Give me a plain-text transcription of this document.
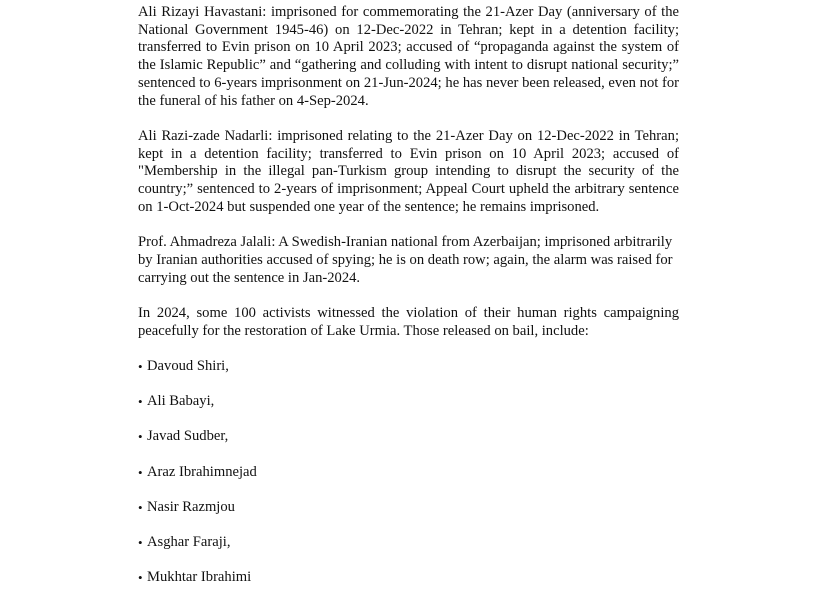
Ali Rizayi Havastani: imprisoned for commemorating the 21-Azer Day (anniversary of the National Government 1945-46) on 12-Dec-2022 in Tehran; kept in a detention facility; transferred to Evin prison on 10 April 2023; accused of “propaganda against the system of the Islamic Republic” and “gathering and colluding with intent to disrupt national security;” sentenced to 6-years imprisonment on 21-Jun-2024; he has never been released, even not for the funeral of his father on 4-Sep-2024.

Ali Razi-zade Nadarli: imprisoned relating to the 21-Azer Day on 12-Dec-2022 in Tehran; kept in a detention facility; transferred to Evin prison on 10 April 2023; accused of "Membership in the illegal pan-Turkism group intending to disrupt the security of the country;” sentenced to 2-years of imprisonment; Appeal Court upheld the arbitrary sentence on 1-Oct-2024 but suspended one year of the sentence; he remains imprisoned.

Prof. Ahmadreza Jalali: A Swedish-Iranian national from Azerbaijan; imprisoned arbitrarily by Iranian authorities accused of spying; he is on death row; again, the alarm was raised for carrying out the sentence in Jan-2024.

In 2024, some 100 activists witnessed the violation of their human rights campaigning peacefully for the restoration of Lake Urmia. Those released on bail, include:

• Davoud Shiri,
• Ali Babayi,
• Javad Sudber,
• Araz Ibrahimnejad
• Nasir Razmjou
• Asghar Faraji,
• Mukhtar Ibrahimi
